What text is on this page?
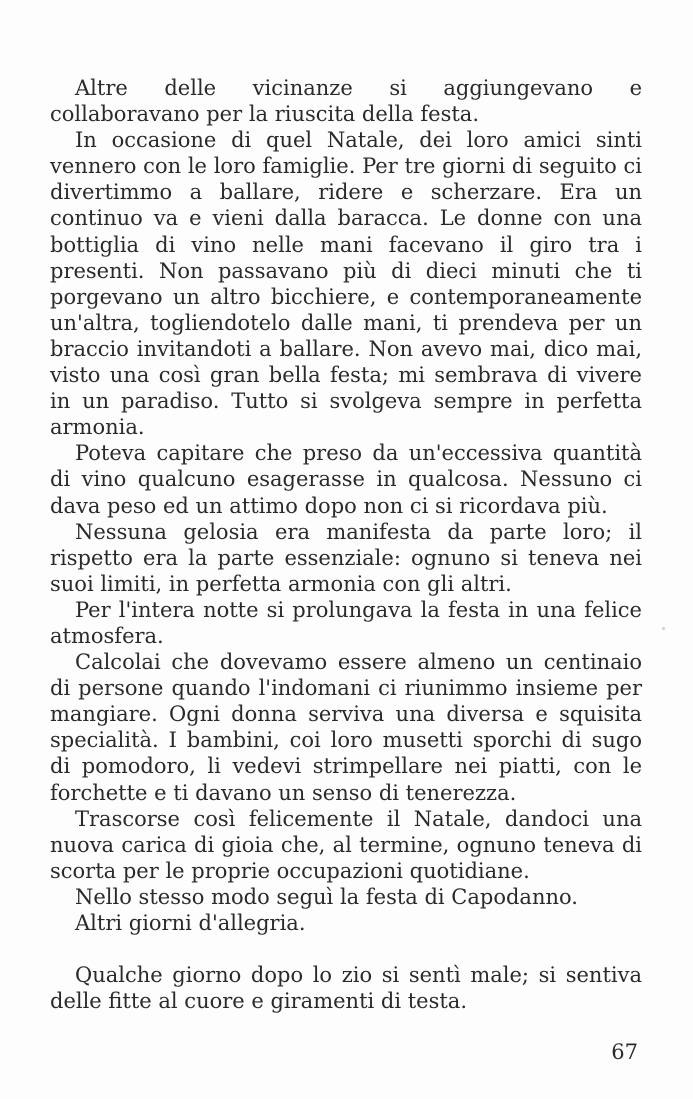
Altre delle vicinanze si aggiungevano e collaboravano per la riuscita della festa.

In occasione di quel Natale, dei loro amici sinti vennero con le loro famiglie. Per tre giorni di seguito ci divertimmo a ballare, ridere e scherzare. Era un continuo va e vieni dalla baracca. Le donne con una bottiglia di vino nelle mani facevano il giro tra i presenti. Non passavano più di dieci minuti che ti porgevano un altro bicchiere, e contemporaneamente un'altra, togliendotelo dalle mani, ti prendeva per un braccio invitandoti a ballare. Non avevo mai, dico mai, visto una così gran bella festa; mi sembrava di vivere in un paradiso. Tutto si svolgeva sempre in perfetta armonia.

Poteva capitare che preso da un'eccessiva quantità di vino qualcuno esagerasse in qualcosa. Nessuno ci dava peso ed un attimo dopo non ci si ricordava più.

Nessuna gelosia era manifesta da parte loro; il rispetto era la parte essenziale: ognuno si teneva nei suoi limiti, in perfetta armonia con gli altri.

Per l'intera notte si prolungava la festa in una felice atmosfera.

Calcolai che dovevamo essere almeno un centinaio di persone quando l'indomani ci riunimmo insieme per mangiare. Ogni donna serviva una diversa e squisita specialità. I bambini, coi loro musetti sporchi di sugo di pomodoro, li vedevi strimpellare nei piatti, con le forchette e ti davano un senso di tenerezza.

Trascorse così felicemente il Natale, dandoci una nuova carica di gioia che, al termine, ognuno teneva di scorta per le proprie occupazioni quotidiane.

Nello stesso modo seguì la festa di Capodanno.

Altri giorni d'allegria.

Qualche giorno dopo lo zio si sentì male; si sentiva delle fitte al cuore e giramenti di testa.

67
